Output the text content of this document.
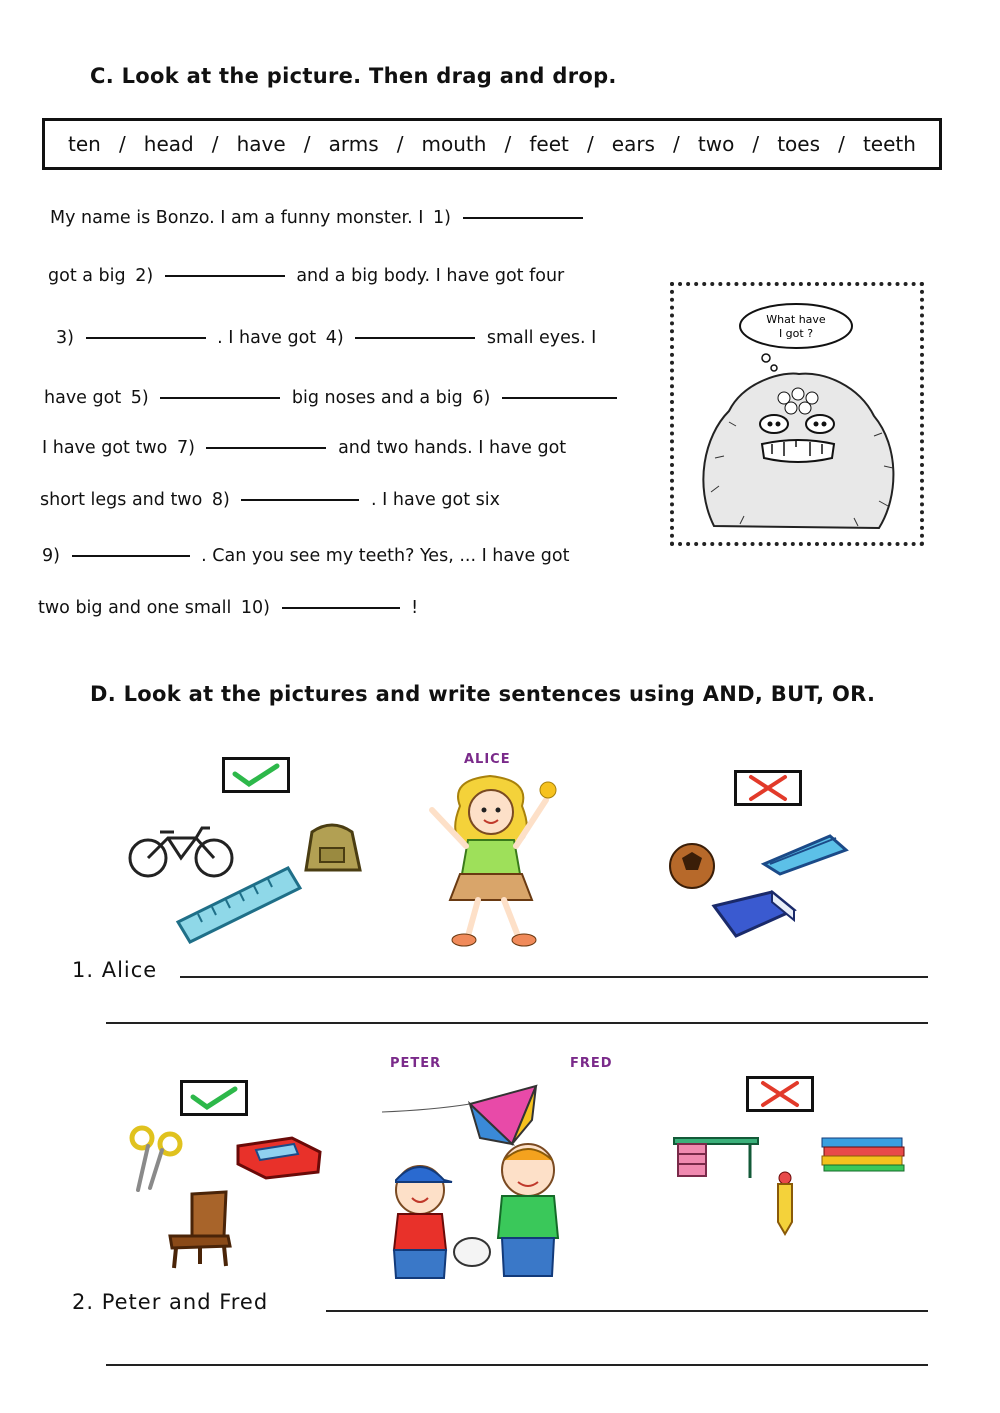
C. Look at the picture. Then drag and drop.
ten / head / have / arms / mouth / feet / ears / two / toes / teeth
My name is Bonzo. I am a funny monster. I 1)
got a big 2)	and a big body. I have got four
3)	. I have got 4)	small eyes. I
have got 5)	big noses and a big 6)
I have got two 7)	and two hands. I have got
short legs and two 8)	. I have got six
9)	. Can you see my teeth? Yes, ... I have got
two big and one small 10)	!
What have
I got ?
D. Look at the pictures and write sentences using AND, BUT, OR.
ALICE
1. Alice
PETER	FRED
2. Peter and Fred
